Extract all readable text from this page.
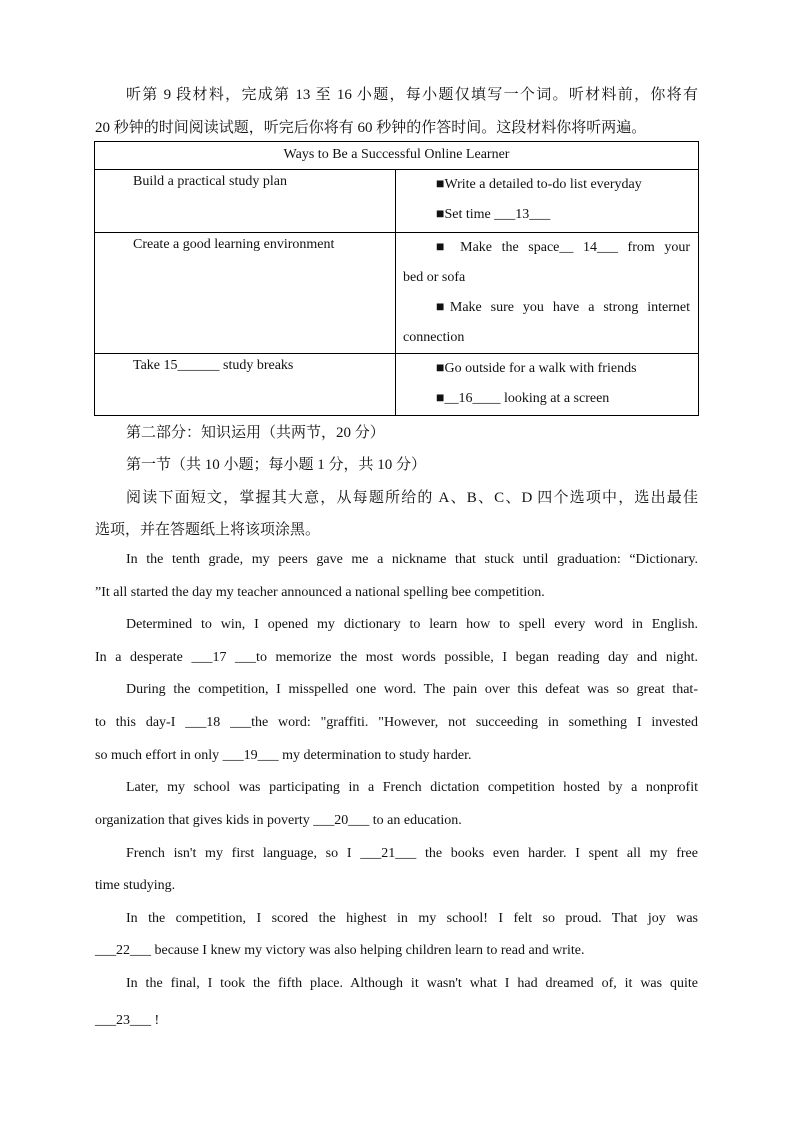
听第 9 段材料，完成第 13 至 16 小题，每小题仅填写一个词。听材料前，你将有
20 秒钟的时间阅读试题，听完后你将有 60 秒钟的作答时间。这段材料你将听两遍。
Ways to Be a Successful Online Learner	
Build a practical study plan	■Write a detailed to-do list everyday

■Set time ___13___

Create a good learning environment	■ Make the space__ 14___ from your

bed or sofa

■Make sure you have a strong internet

connection

Take 15______ study breaks	■Go outside for a walk with friends

■__16____ looking at a screen

第二部分：知识运用（共两节，20 分）
第一节（共 10 小题；每小题 1 分，共 10 分）
阅读下面短文，掌握其大意，从每题所给的 A、B、C、D 四个选项中，选出最佳
选项，并在答题纸上将该项涂黑。
In the tenth grade, my peers gave me a nickname that stuck until graduation: “Dictionary.
”It all started the day my teacher announced a national spelling bee competition.
Determined to win, I opened my dictionary to learn how to spell every word in English.
In a desperate ___17 ___to memorize the most words possible, I began reading day and night.
During the competition, I misspelled one word. The pain over this defeat was so great that-
to this day-I ___18 ___the word: "graffiti. "However, not succeeding in something I invested
so much effort in only ___19___ my determination to study harder.
Later, my school was participating in a French dictation competition hosted by a nonprofit
organization that gives kids in poverty ___20___ to an education.
French isn't my first language, so I ___21___ the books even harder. I spent all my free
time studying.
In the competition, I scored the highest in my school! I felt so proud. That joy was
___22___ because I knew my victory was also helping children learn to read and write.
In the final, I took the fifth place. Although it wasn't what I had dreamed of, it was quite
___23___ !
